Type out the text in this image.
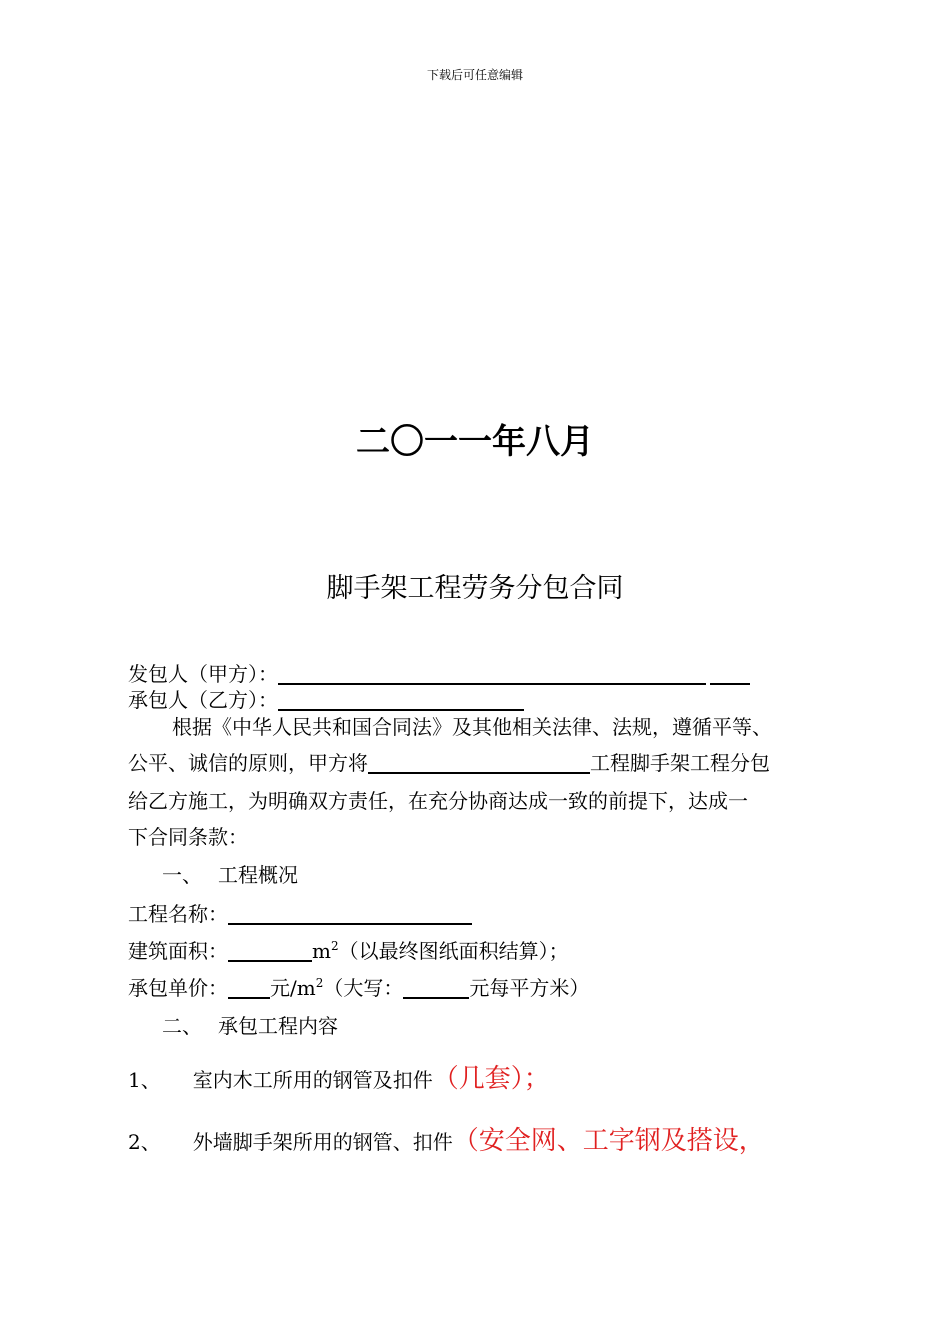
下载后可任意编辑
二〇一一年八月
脚手架工程劳务分包合同
发包人（甲方）：
承包人（乙方）：
根据《中华人民共和国合同法》及其他相关法律、法规，遵循平等、
公平、诚信的原则，甲方将	工程脚手架工程分包
给乙方施工，为明确双方责任，在充分协商达成一致的前提下，达成一
下合同条款：
一、 工程概况
工程名称：
建筑面积：	$m^2$（以最终图纸面积结算）；
承包单价： 元$/m^2$（大写：	元每平方米）
二、 承包工程内容
1、 室内木工所用的钢管及扣件（几套）；
2、 外墙脚手架所用的钢管、扣件（安全网、工字钢及搭设，
